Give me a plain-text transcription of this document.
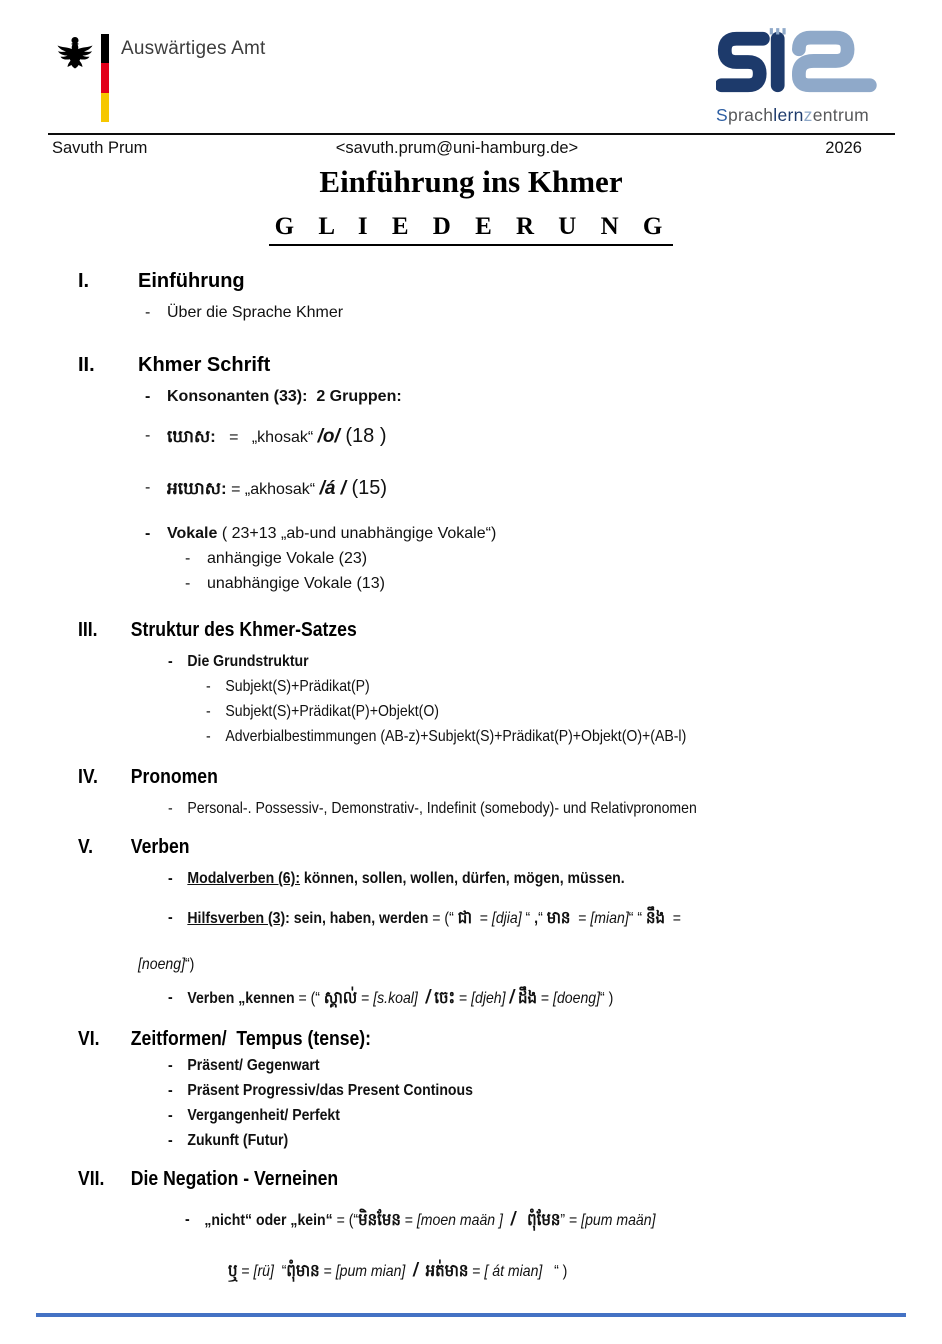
Auswärtiges Amt
Sprachlernzentrum
Savuth Prum	<savuth.prum@uni-hamburg.de>	2026
Einführung ins Khmer
G L I E D E R U N G
I.	Einführung
-	Über die Sprache Khmer
II.	Khmer Schrift
-	Konsonanten (33):  2 Gruppen:
- ឃោស:   =   „khosak“ /o/ (18 )
- អឃោស: = „akhosak“ /á / (15)
-	Vokale ( 23+13 „ab-und unabhängige Vokale“)
-	anhängige Vokale (23)
-	unabhängige Vokale (13)
III.	Struktur des Khmer-Satzes
- Die Grundstruktur
- Subjekt(S)+Prädikat(P)
- Subjekt(S)+Prädikat(P)+Objekt(O)
- Adverbialbestimmungen (AB-z)+Subjekt(S)+Prädikat(P)+Objekt(O)+(AB-l)
IV.	Pronomen
- Personal-. Possessiv-, Demonstrativ-, Indefinit (somebody)- und Relativpronomen
V.	Verben
- Modalverben (6): können, sollen, wollen, dürfen, mögen, müssen.
- Hilfsverben (3): sein, haben, werden = (“ ជា  = [djia] “ ,“ មាន  = [mian]“ “ នឹង  =
[noeng]“)
- Verben „kennen = (“ ស្គាល់ = [s.koal] / ចេះ = [djeh] / ដឹង = [doeng]“ )
VI.	Zeitformen/  Tempus (tense):
- Präsent/ Gegenwart
- Präsent Progressiv/das Present Continous
- Vergangenheit/ Perfekt
- Zukunft (Futur)
VII.	Die Negation - Verneinen
- „nicht“ oder „kein“ = (“មិនមែន = [moen maän ] / ពុំមែន” = [pum maän]
ឬ = [rü]  “ពុំមាន = [pum mian] / អត់មាន = [ át mian]   “ )
